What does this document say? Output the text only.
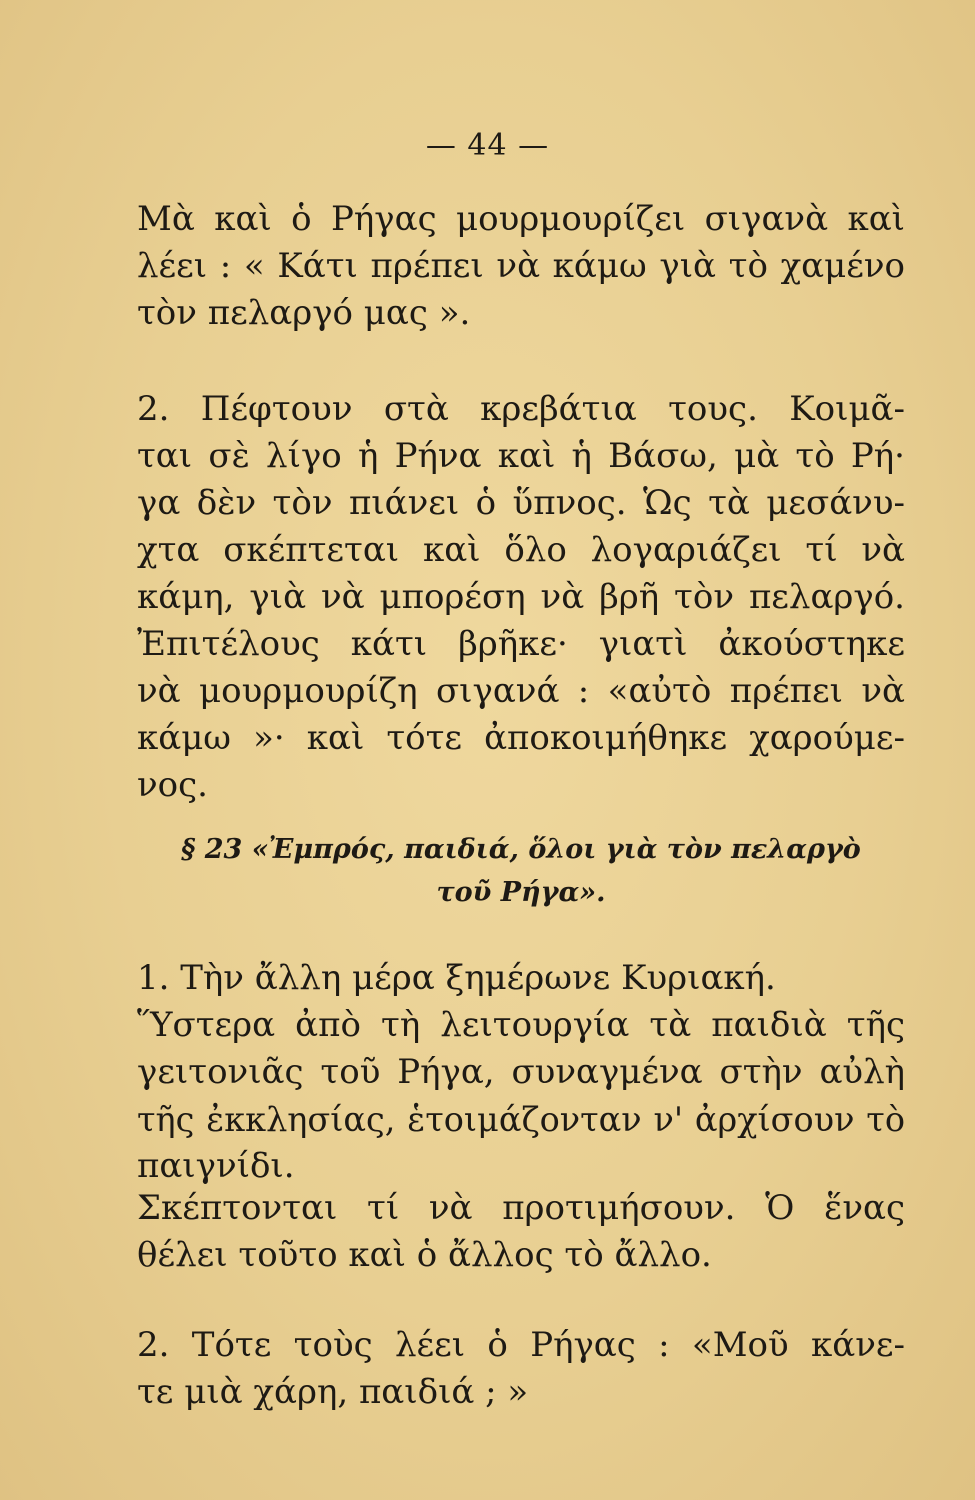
— 44 —
Μὰ καὶ ὁ Ρήγας μουρμουρίζει σιγανὰ καὶ
λέει : « Κάτι πρέπει νὰ κάμω γιὰ τὸ χαμένο
τὸν πελαργό μας ».
2. Πέφτουν στὰ κρεβάτια τους. Κοιμᾶ-
ται σὲ λίγο ἡ Ρήνα καὶ ἡ Βάσω, μὰ τὸ Ρή·
γα δὲν τὸν πιάνει ὁ ὕπνος. Ὡς τὰ μεσάνυ-
χτα σκέπτεται καὶ ὅλο λογαριάζει τί νὰ
κάμη, γιὰ νὰ μπορέση νὰ βρῆ τὸν πελαργό.
Ἐπιτέλους κάτι βρῆκε· γιατὶ ἀκούστηκε
νὰ μουρμουρίζη σιγανά : «αὐτὸ πρέπει νὰ
κάμω »· καὶ τότε ἀποκοιμήθηκε χαρούμε-
νος.
§ 23 «Ἐμπρός, παιδιά, ὅλοι γιὰ τὸν πελαργὸ
τοῦ Ρήγα».
1. Τὴν ἄλλη μέρα ξημέρωνε Κυριακή.
Ὕστερα ἀπὸ τὴ λειτουργία τὰ παιδιὰ τῆς
γειτονιᾶς τοῦ Ρήγα, συναγμένα στὴν αὐλὴ
τῆς ἐκκλησίας, ἑτοιμάζονταν ν' ἀρχίσουν τὸ
παιγνίδι.
Σκέπτονται τί νὰ προτιμήσουν. Ὁ ἕνας
θέλει τοῦτο καὶ ὁ ἄλλος τὸ ἄλλο.
2. Τότε τοὺς λέει ὁ Ρήγας : «Μοῦ κάνε-
τε μιὰ χάρη, παιδιά ; »
